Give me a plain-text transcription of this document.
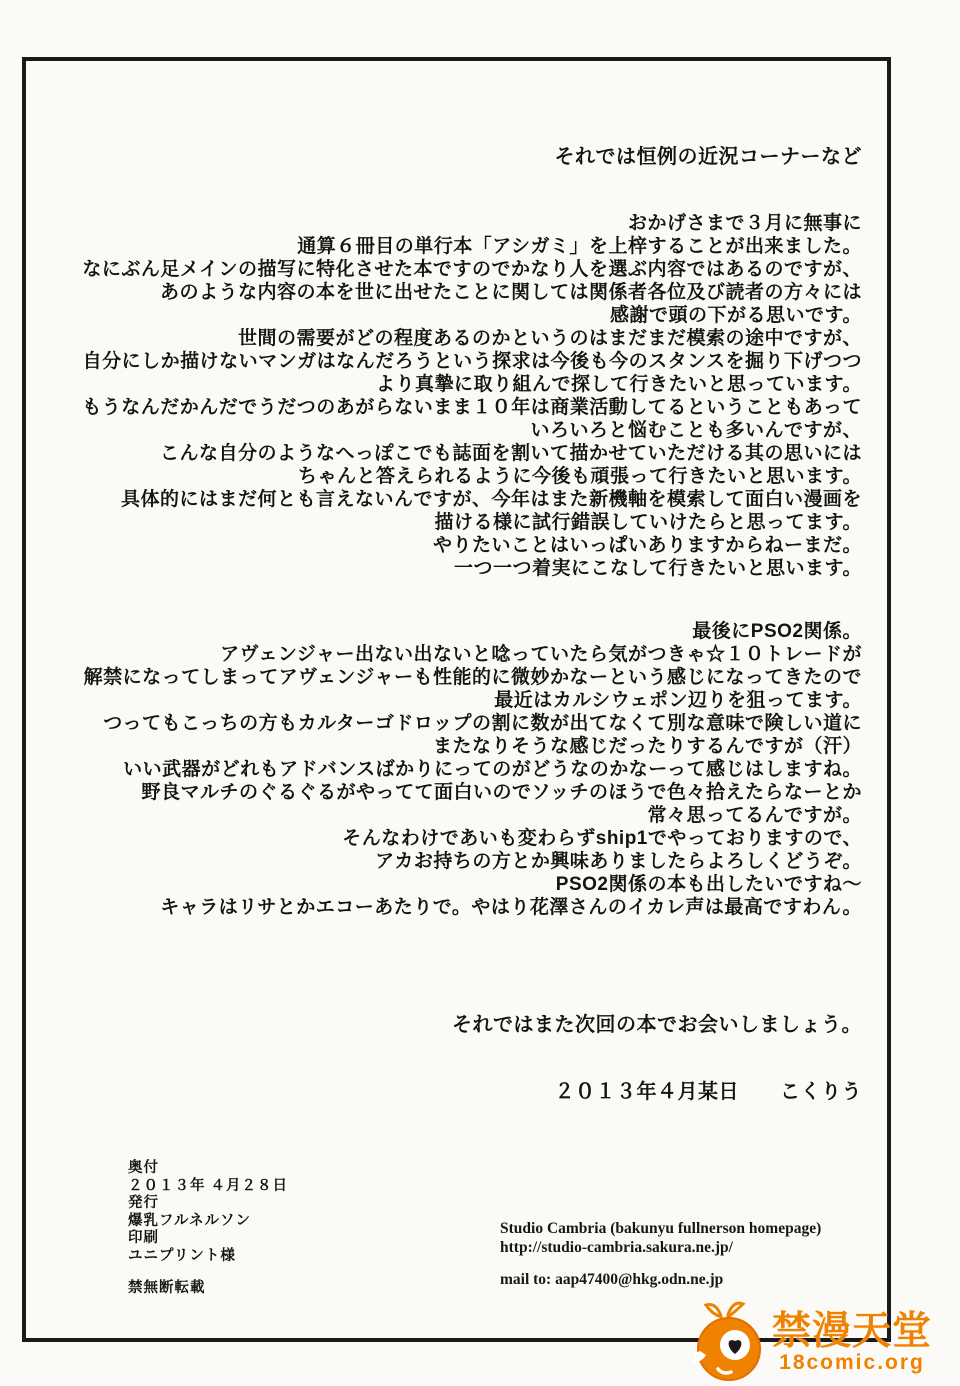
それでは恒例の近況コーナーなど
おかげさまで３月に無事に
通算６冊目の単行本「アシガミ」を上梓することが出来ました。
なにぶん足メインの描写に特化させた本ですのでかなり人を選ぶ内容ではあるのですが、
あのような内容の本を世に出せたことに関しては関係者各位及び読者の方々には
感謝で頭の下がる思いです。
世間の需要がどの程度あるのかというのはまだまだ模索の途中ですが、
自分にしか描けないマンガはなんだろうという探求は今後も今のスタンスを掘り下げつつ
より真摯に取り組んで探して行きたいと思っています。
もうなんだかんだでうだつのあがらないまま１０年は商業活動してるということもあって
いろいろと悩むことも多いんですが、
こんな自分のようなへっぽこでも誌面を割いて描かせていただける其の思いには
ちゃんと答えられるように今後も頑張って行きたいと思います。
具体的にはまだ何とも言えないんですが、今年はまた新機軸を模索して面白い漫画を
描ける様に試行錯誤していけたらと思ってます。
やりたいことはいっぱいありますからねーまだ。
一つ一つ着実にこなして行きたいと思います。
最後にPSO2関係。
アヴェンジャー出ない出ないと唸っていたら気がつきゃ☆１０トレードが
解禁になってしまってアヴェンジャーも性能的に微妙かなーという感じになってきたので
最近はカルシウェポン辺りを狙ってます。
つってもこっちの方もカルターゴドロップの割に数が出てなくて別な意味で険しい道に
またなりそうな感じだったりするんですが（汗）
いい武器がどれもアドバンスばかりにってのがどうなのかなーって感じはしますね。
野良マルチのぐるぐるがやってて面白いのでソッチのほうで色々拾えたらなーとか
常々思ってるんですが。
そんなわけであいも変わらずship1でやっておりますので、
アカお持ちの方とか興味ありましたらよろしくどうぞ。
PSO2関係の本も出したいですね～
キャラはリサとかエコーあたりで。やはり花澤さんのイカレ声は最高ですわん。
それではまた次回の本でお会いしましょう。
２０１３年４月某日　　こくりう
奥付
２０１３年 ４月２８日
発行
爆乳フルネルソン
印刷
ユニプリント様
禁無断転載
Studio Cambria (bakunyu fullnerson homepage)
http://studio-cambria.sakura.ne.jp/
mail to: aap47400@hkg.odn.ne.jp
禁漫天堂
18comic.org
